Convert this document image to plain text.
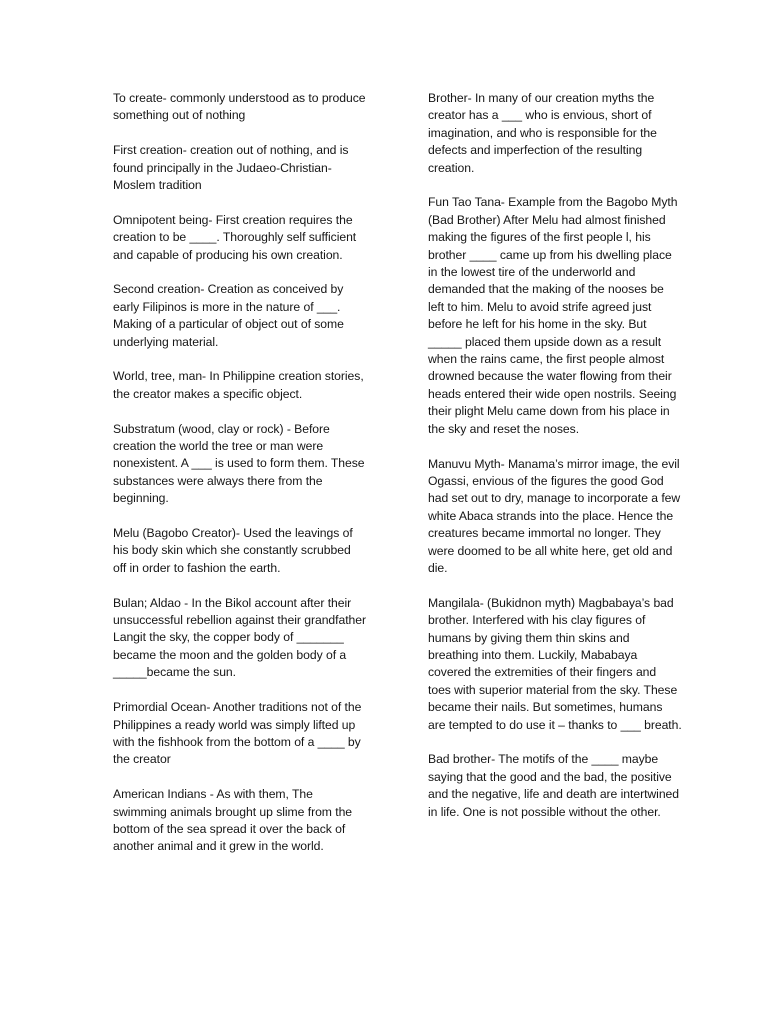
To create- commonly understood as to produce something out of nothing

First creation- creation out of nothing, and is found principally in the Judaeo-Christian-Moslem tradition

Omnipotent being- First creation requires the creation to be ____. Thoroughly self sufficient and capable of producing his own creation.

Second creation- Creation as conceived by early Filipinos is more in the nature of ___. Making of a particular of object out of some underlying material.

World, tree, man- In Philippine creation stories, the creator makes a specific object.

Substratum (wood, clay or rock) - Before creation the world the tree or man were nonexistent. A ___ is used to form them. These substances were always there from the beginning.

Melu (Bagobo Creator)- Used the leavings of his body skin which she constantly scrubbed off in order to fashion the earth.

Bulan; Aldao - In the Bikol account after their unsuccessful rebellion against their grandfather Langit the sky, the copper body of _______ became the moon and the golden body of a _____became the sun.

Primordial Ocean- Another traditions not of the Philippines a ready world was simply lifted up with the fishhook from the bottom of a ____ by the creator

American Indians - As with them, The swimming animals brought up slime from the bottom of the sea spread it over the back of another animal and it grew in the world.

Brother- In many of our creation myths the creator has a ___ who is envious, short of imagination, and who is responsible for the defects and imperfection of the resulting creation.

Fun Tao Tana- Example from the Bagobo Myth (Bad Brother) After Melu had almost finished making the figures of the first people l, his brother ____ came up from his dwelling place in the lowest tire of the underworld and demanded that the making of the nooses be left to him. Melu to avoid strife agreed just before he left for his home in the sky. But _____ placed them upside down as a result when the rains came, the first people almost drowned because the water flowing from their heads entered their wide open nostrils. Seeing their plight Melu came down from his place in the sky and reset the noses.

Manuvu Myth- Manama’s mirror image, the evil Ogassi, envious of the figures the good God had set out to dry, manage to incorporate a few white Abaca strands into the place. Hence the creatures became immortal no longer. They were doomed to be all white here, get old and die.

Mangilala- (Bukidnon myth) Magbabaya’s bad brother. Interfered with his clay figures of humans by giving them thin skins and breathing into them. Luckily, Mababaya covered the extremities of their fingers and toes with superior material from the sky. These became their nails. But sometimes, humans are tempted to do use it – thanks to ___ breath.

Bad brother- The motifs of the ____ maybe saying that the good and the bad, the positive and the negative, life and death are intertwined in life. One is not possible without the other.
